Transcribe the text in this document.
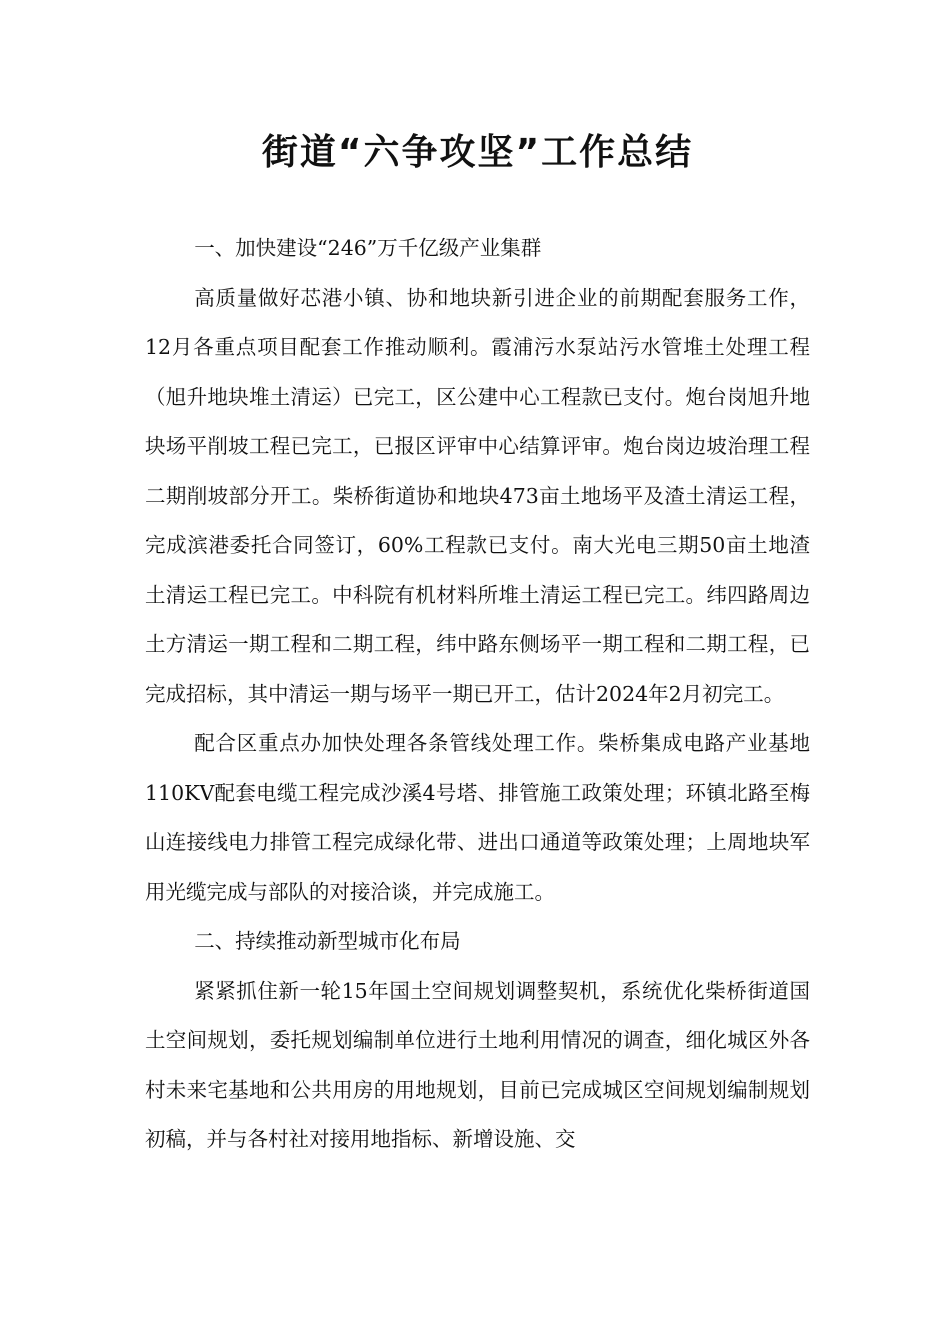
街道“六争攻坚”工作总结

一、加快建设“246”万千亿级产业集群

高质量做好芯港小镇、协和地块新引进企业的前期配套服务工作，12月各重点项目配套工作推动顺利。霞浦污水泵站污水管堆土处理工程（旭升地块堆土清运）已完工，区公建中心工程款已支付。炮台岗旭升地块场平削坡工程已完工，已报区评审中心结算评审。炮台岗边坡治理工程二期削坡部分开工。柴桥街道协和地块473亩土地场平及渣土清运工程，完成滨港委托合同签订，60%工程款已支付。南大光电三期50亩土地渣土清运工程已完工。中科院有机材料所堆土清运工程已完工。纬四路周边土方清运一期工程和二期工程，纬中路东侧场平一期工程和二期工程，已完成招标，其中清运一期与场平一期已开工，估计2024年2月初完工。

配合区重点办加快处理各条管线处理工作。柴桥集成电路产业基地110KV配套电缆工程完成沙溪4号塔、排管施工政策处理；环镇北路至梅山连接线电力排管工程完成绿化带、进出口通道等政策处理；上周地块军用光缆完成与部队的对接洽谈，并完成施工。

二、持续推动新型城市化布局

紧紧抓住新一轮15年国土空间规划调整契机，系统优化柴桥街道国土空间规划，委托规划编制单位进行土地利用情况的调查，细化城区外各村未来宅基地和公共用房的用地规划，目前已完成城区空间规划编制规划初稿，并与各村社对接用地指标、新增设施、交
